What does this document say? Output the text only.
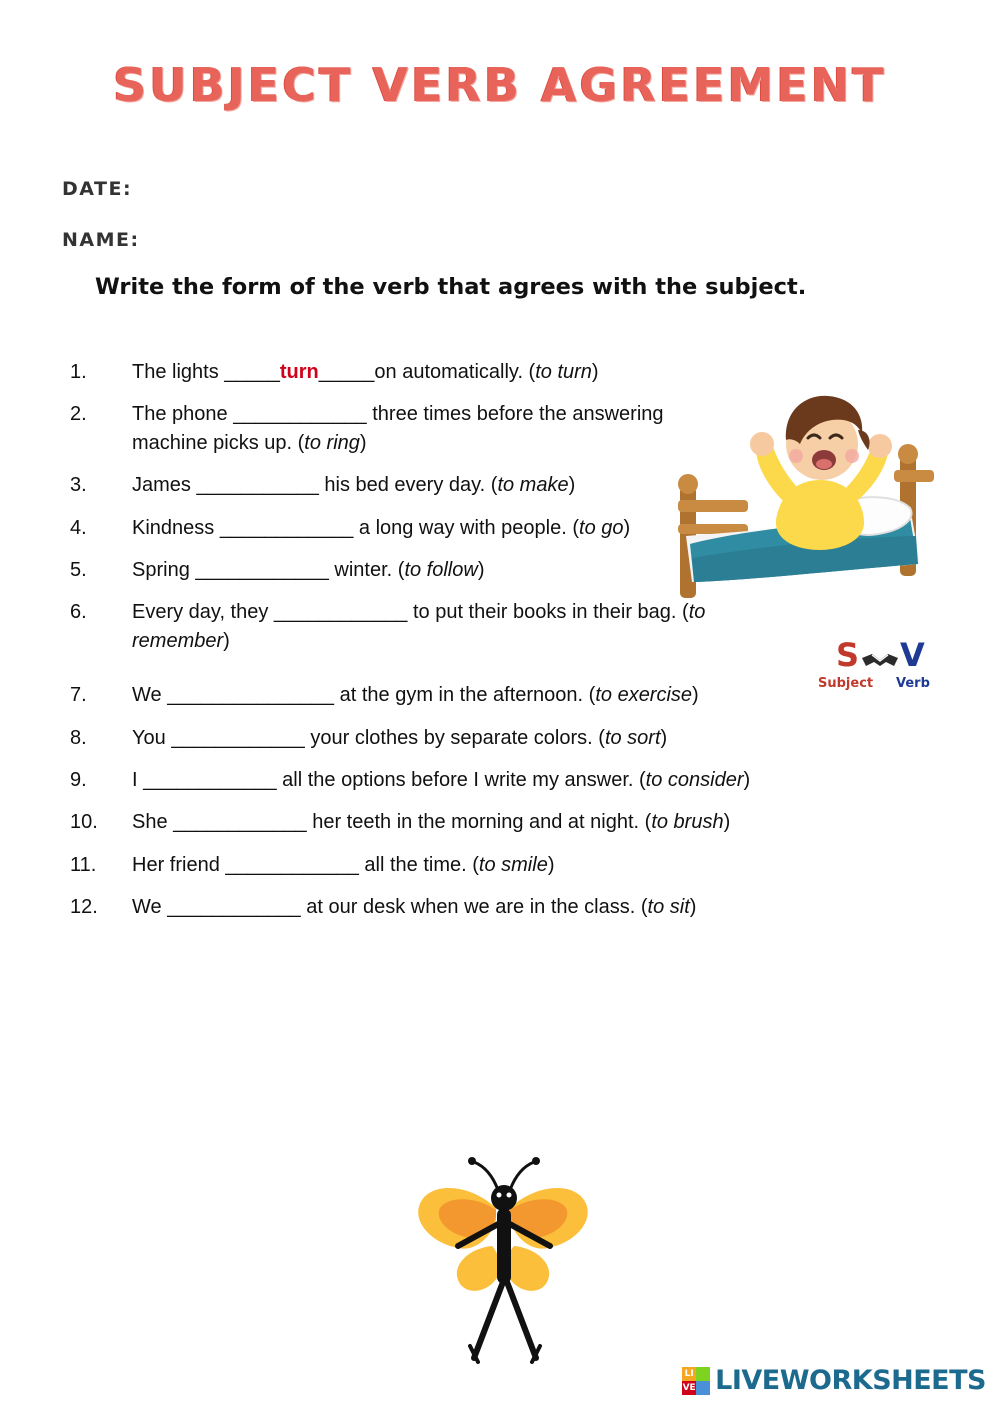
SUBJECT VERB AGREEMENT
DATE:
NAME:
Write the form of the verb that agrees with the subject.
S V
Subject Verb
1.	The lights _____turn_____on automatically. (to turn)
2.	The phone ____________ three times before the answering machine picks up. (to ring)
3.	James ___________ his bed every day. (to make)
4.	Kindness ____________ a long way with people. (to go)
5.	Spring ____________ winter. (to follow)
6.	Every day, they ____________ to put their books in their bag. (to remember)
7.	We _______________ at the gym in the afternoon. (to exercise)
8.	You ____________ your clothes by separate colors. (to sort)
9.	I ____________ all the options before I write my answer. (to consider)
10.	She ____________ her teeth in the morning and at night. (to brush)
11.	Her friend ____________ all the time. (to smile)
12.	We ____________ at our desk when we are in the class. (to sit)
LI
VE LIVEWORKSHEETS
